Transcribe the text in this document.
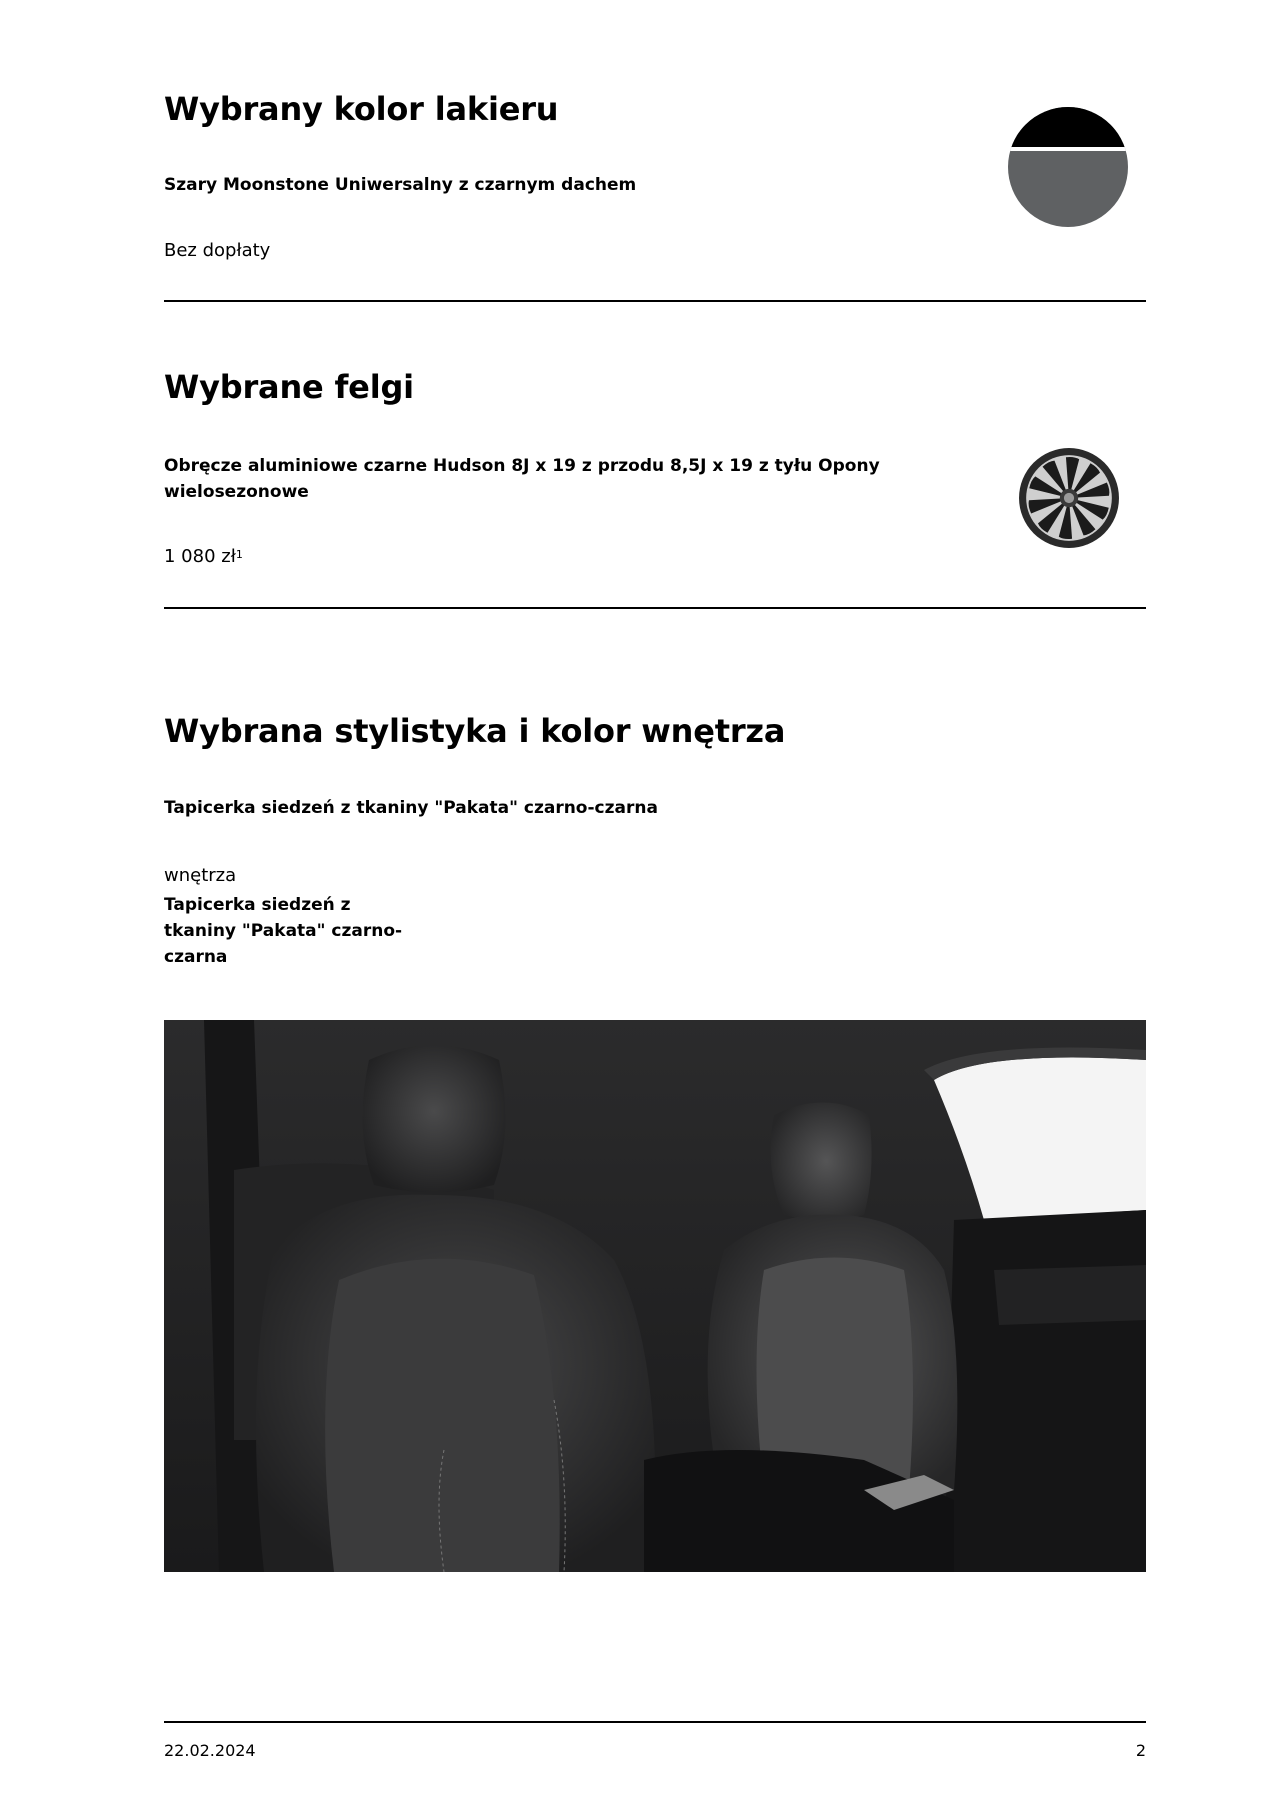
Wybrany kolor lakieru
Szary Moonstone Uniwersalny z czarnym dachem
Bez dopłaty
Wybrane felgi
Obręcze aluminiowe czarne Hudson 8J x 19 z przodu 8,5J x 19 z tyłu Opony
wielosezonowe
1 080 $zł^1$
Wybrana stylistyka i kolor wnętrza
Tapicerka siedzeń z tkaniny "Pakata" czarno-czarna
wnętrza
Tapicerka siedzeń z
tkaniny "Pakata" czarno-
czarna
22.02.2024	2
